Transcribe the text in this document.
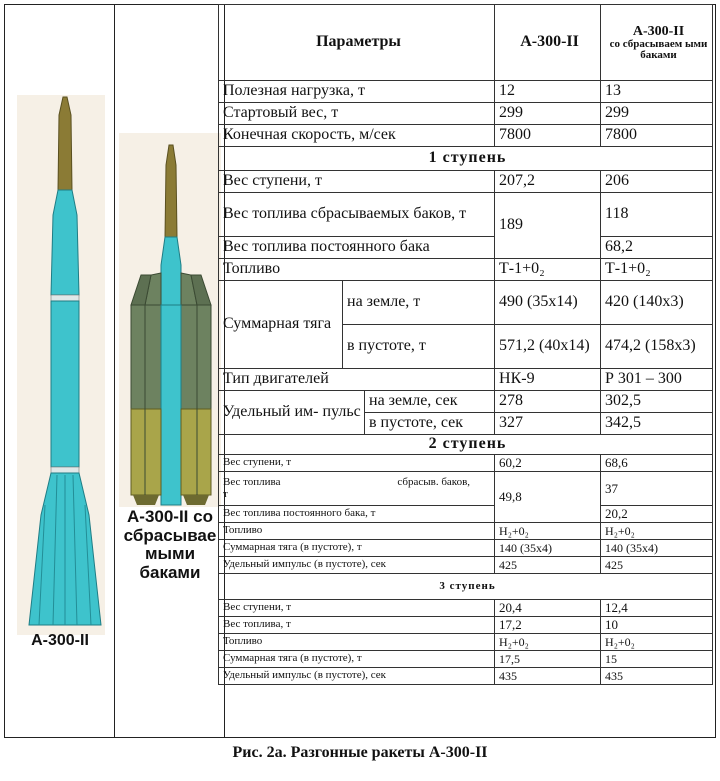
А-300-II
А-300-II со сбрасывае мыми баками
Параметры			А-300-II	А-300-II
со сбрасываем ыми баками

Полезная нагрузка, т			12	13
Стартовый вес, т			299	299
Конечная скорость, м/сек			7800	7800
1 ступень				
Вес ступени, т			207,2	206
Вес топлива сбрасываемых баков, т			189	118
Вес топлива постоянного бака				68,2
Топливо			Т-1+0₂	Т-1+0₂
Суммарная тяга	на земле, т		490 (35x14)	420 (140x3)
	в пустоте, т		571,2 (40x14)	474,2 (158x3)
Тип двигателей			НК-9	Р 301 – 300
Удельный им- пульс		на земле, сек	278	302,5
		в пустоте, сек	327	342,5
2 ступень				
Вес ступени, т			60,2	68,6

Вес топлива сбрасыв. баков,
т			49,8	37
Вес топлива постоянного бака, т				20,2
Топливо			H₂+0₂	H₂+0₂
Суммарная тяга (в пустоте), т			140 (35x4)	140 (35x4)
Удельный импульс (в пустоте), сек			425	425
3 ступень				
Вес ступени, т			20,4	12,4
Вес топлива, т			17,2	10
Топливо			H₂+0₂	H₂+0₂
Суммарная тяга (в пустоте), т			17,5	15
Удельный импульс (в пустоте), сек			435	435
Рис. 2а. Разгонные ракеты А-300-II
